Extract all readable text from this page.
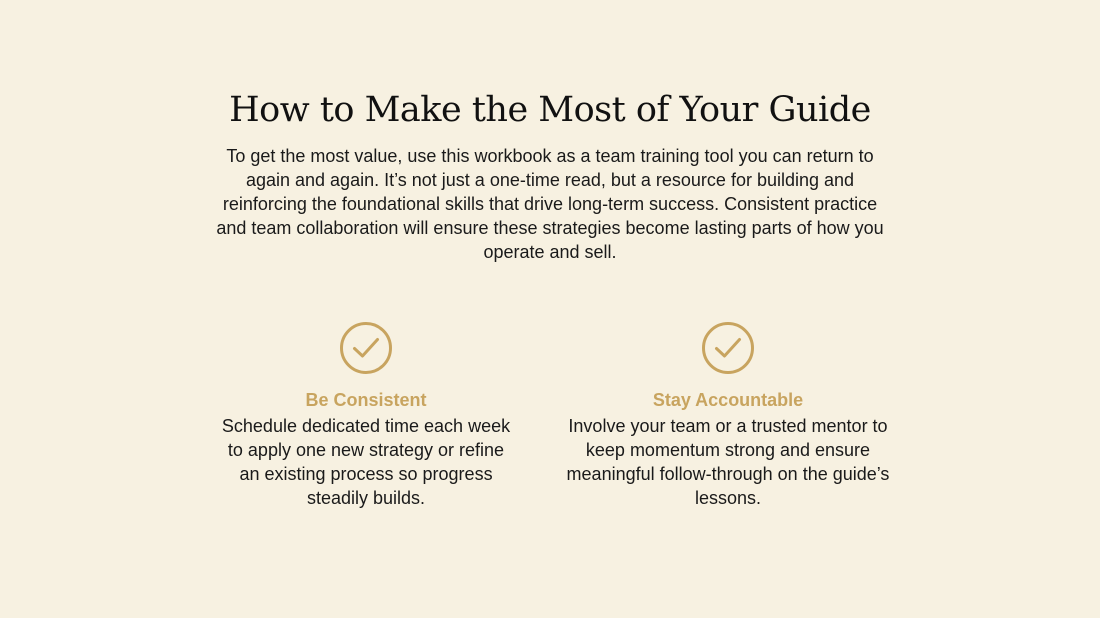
How to Make the Most of Your Guide

To get the most value, use this workbook as a team training tool you can return to again and again. It’s not just a one-time read, but a resource for building and reinforcing the foundational skills that drive long-term success. Consistent practice and team collaboration will ensure these strategies become lasting parts of how you operate and sell.

Be Consistent
Schedule dedicated time each week to apply one new strategy or refine an existing process so progress steadily builds.
Stay Accountable
Involve your team or a trusted mentor to keep momentum strong and ensure meaningful follow-through on the guide’s lessons.
